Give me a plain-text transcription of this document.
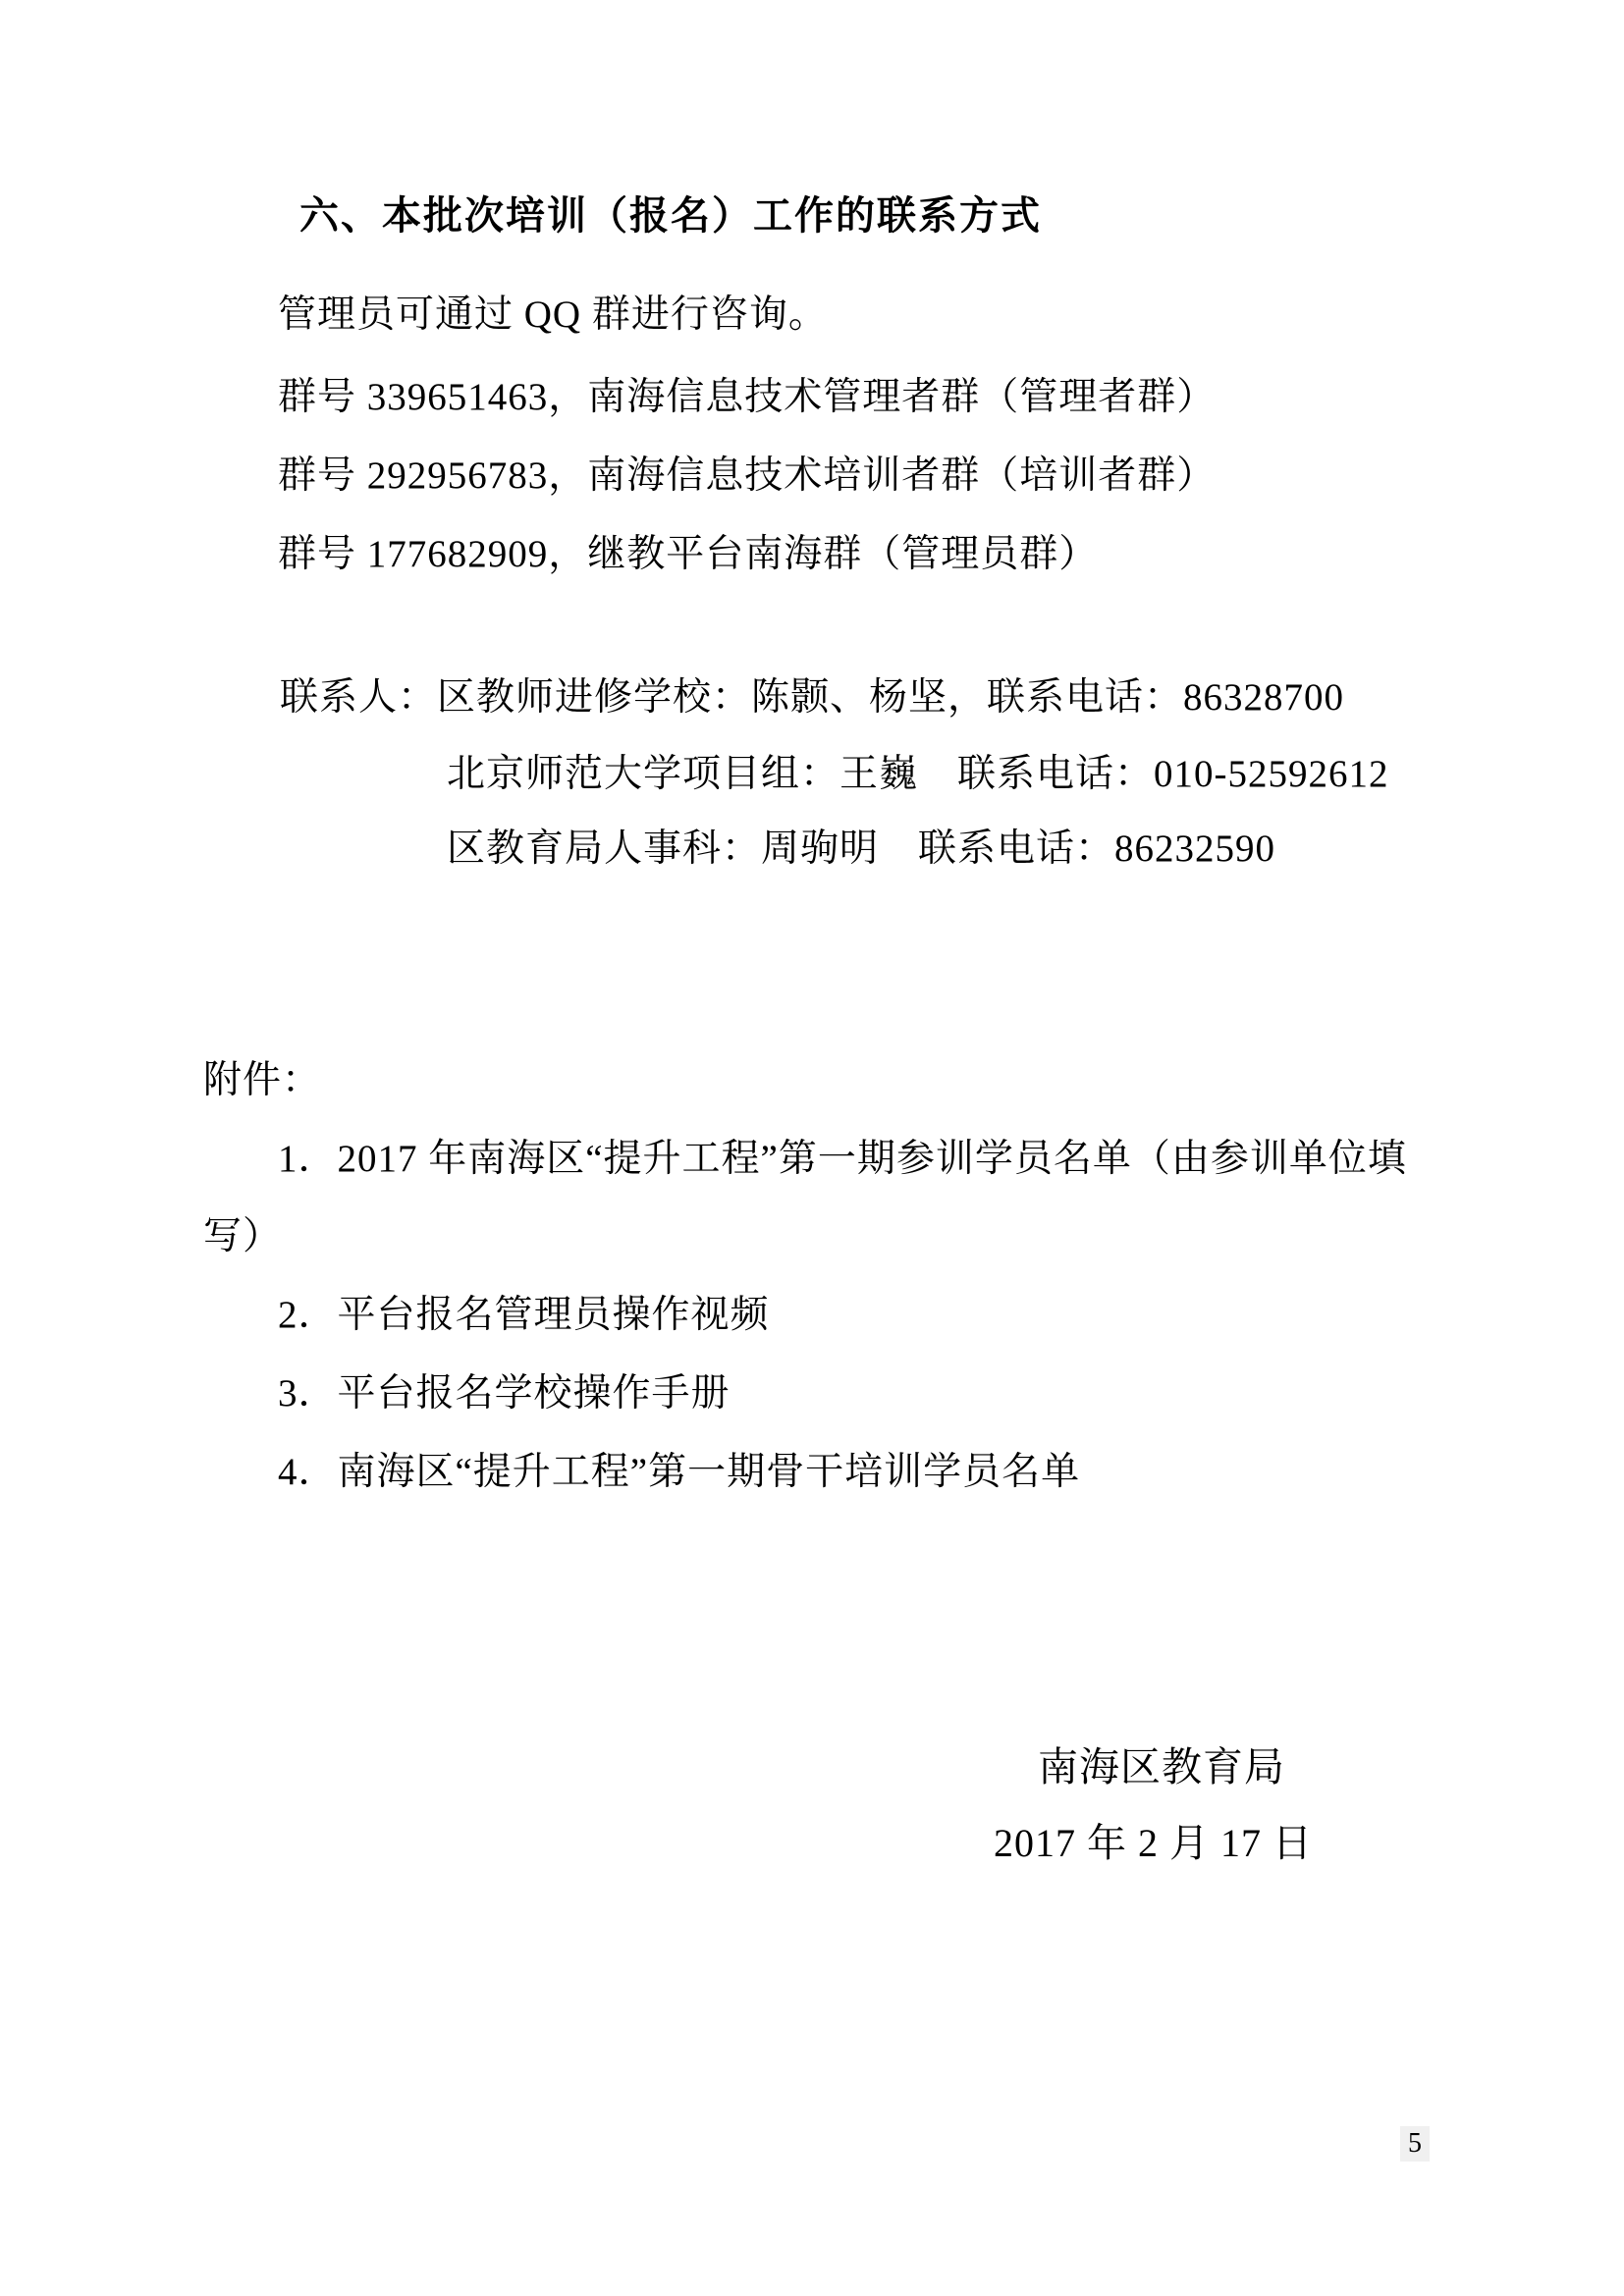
六、本批次培训（报名）工作的联系方式
管理员可通过 QQ 群进行咨询。
群号 339651463，南海信息技术管理者群（管理者群）
群号 292956783，南海信息技术培训者群（培训者群）
群号 177682909，继教平台南海群（管理员群）
联系人：区教师进修学校：陈颢、杨坚，联系电话：86328700
北京师范大学项目组：王巍　联系电话：010-52592612
区教育局人事科：周驹明　联系电话：86232590
附件：
1．2017 年南海区“提升工程”第一期参训学员名单（由参训单位填
写）
2．平台报名管理员操作视频
3．平台报名学校操作手册
4．南海区“提升工程”第一期骨干培训学员名单
南海区教育局
2017 年 2 月 17 日
5
